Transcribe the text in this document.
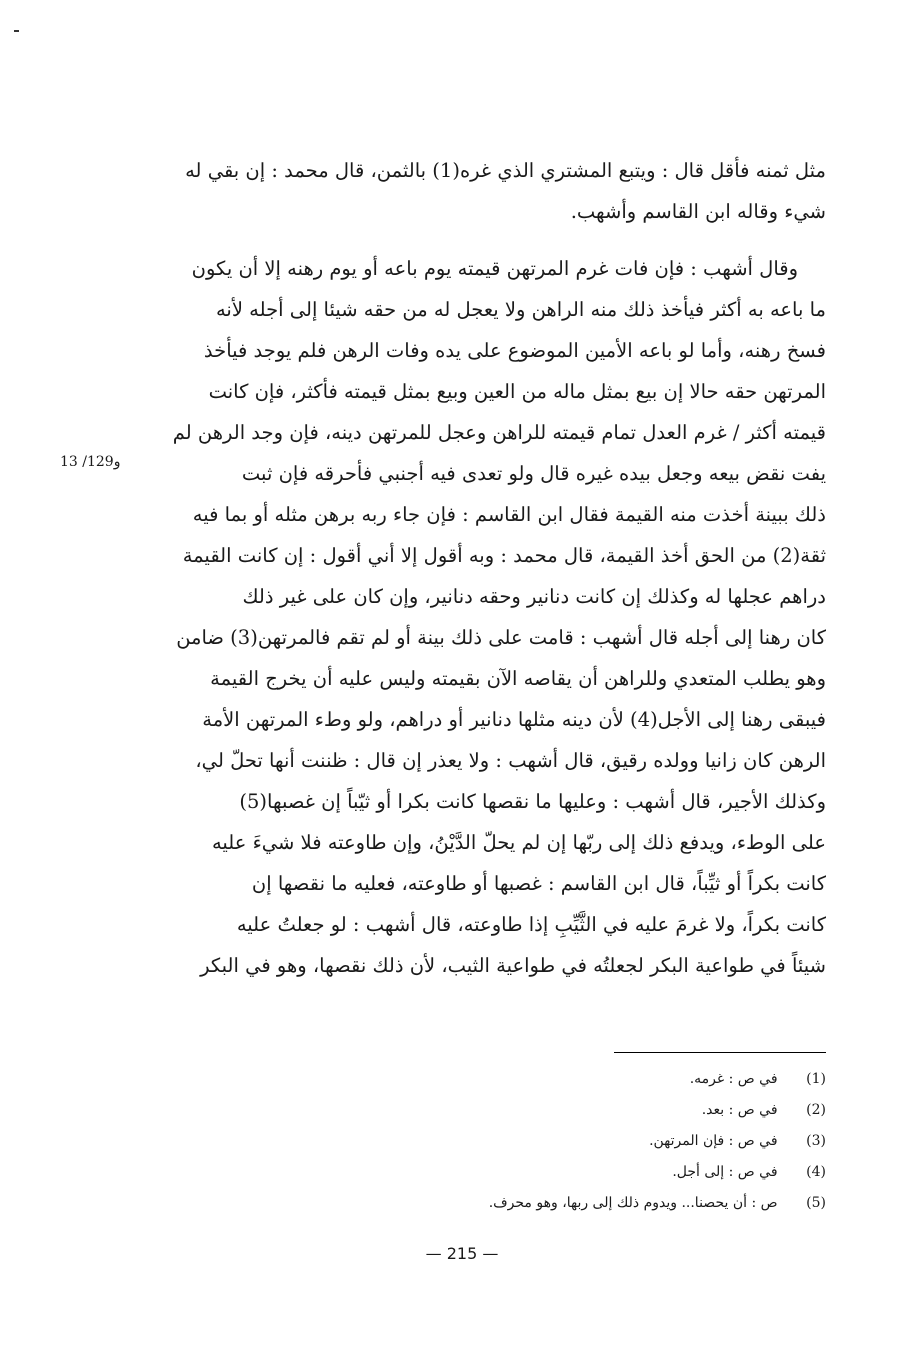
مثل ثمنه فأقل قال : ويتبع المشتري الذي غره(1) بالثمن، قال محمد : إن بقي له
شيء وقاله ابن القاسم وأشهب.
وقال أشهب : فإن فات غرم المرتهن قيمته يوم باعه أو يوم رهنه إلا أن يكون
ما باعه به أكثر فيأخذ ذلك منه الراهن ولا يعجل له من حقه شيئا إلى أجله لأنه
فسخ رهنه، وأما لو باعه الأمين الموضوع على يده وفات الرهن فلم يوجد فيأخذ
المرتهن حقه حالا إن بيع بمثل ماله من العين وبيع بمثل قيمته فأكثر، فإن كانت
قيمته أكثر / غرم العدل تمام قيمته للراهن وعجل للمرتهن دينه، فإن وجد الرهن لم
يفت نقض بيعه وجعل بيده غيره قال ولو تعدى فيه أجنبي فأحرقه فإن ثبت
ذلك ببينة أخذت منه القيمة فقال ابن القاسم : فإن جاء ربه برهن مثله أو بما فيه
ثقة(2) من الحق أخذ القيمة، قال محمد : وبه أقول إلا أني أقول : إن كانت القيمة
دراهم عجلها له وكذلك إن كانت دنانير وحقه دنانير، وإن كان على غير ذلك
كان رهنا إلى أجله قال أشهب : قامت على ذلك بينة أو لم تقم فالمرتهن(3) ضامن
وهو يطلب المتعدي وللراهن أن يقاصه الآن بقيمته وليس عليه أن يخرج القيمة
فيبقى رهنا إلى الأجل(4) لأن دينه مثلها دنانير أو دراهم، ولو وطء المرتهن الأمة
الرهن كان زانيا وولده رقيق، قال أشهب : ولا يعذر إن قال : ظننت أنها تحلّ لي،
وكذلك الأجير، قال أشهب : وعليها ما نقصها كانت بكرا أو ثيّباً إن غصبها(5)
على الوطء، ويدفع ذلك إلى ربّها إن لم يحلّ الدَّيْنُ، وإن طاوعته فلا شيءَ عليه
كانت بكراً أو ثيِّباً، قال ابن القاسم : غصبها أو طاوعته، فعليه ما نقصها إن
كانت بكراً، ولا غرمَ عليه في الثَّيِّبِ إذا طاوعته، قال أشهب : لو جعلتُ عليه
شيئاً في طواعية البكر لجعلتُه في طواعية الثيب، لأن ذلك نقصها، وهو في البكر
13 /129و
(1) في ص : غرمه.
(2) في ص : بعد.
(3) في ص : فإن المرتهن.
(4) في ص : إلى أجل.
(5) ص : أن يحصنا... ويدوم ذلك إلى ربها، وهو محرف.
— 215 —
